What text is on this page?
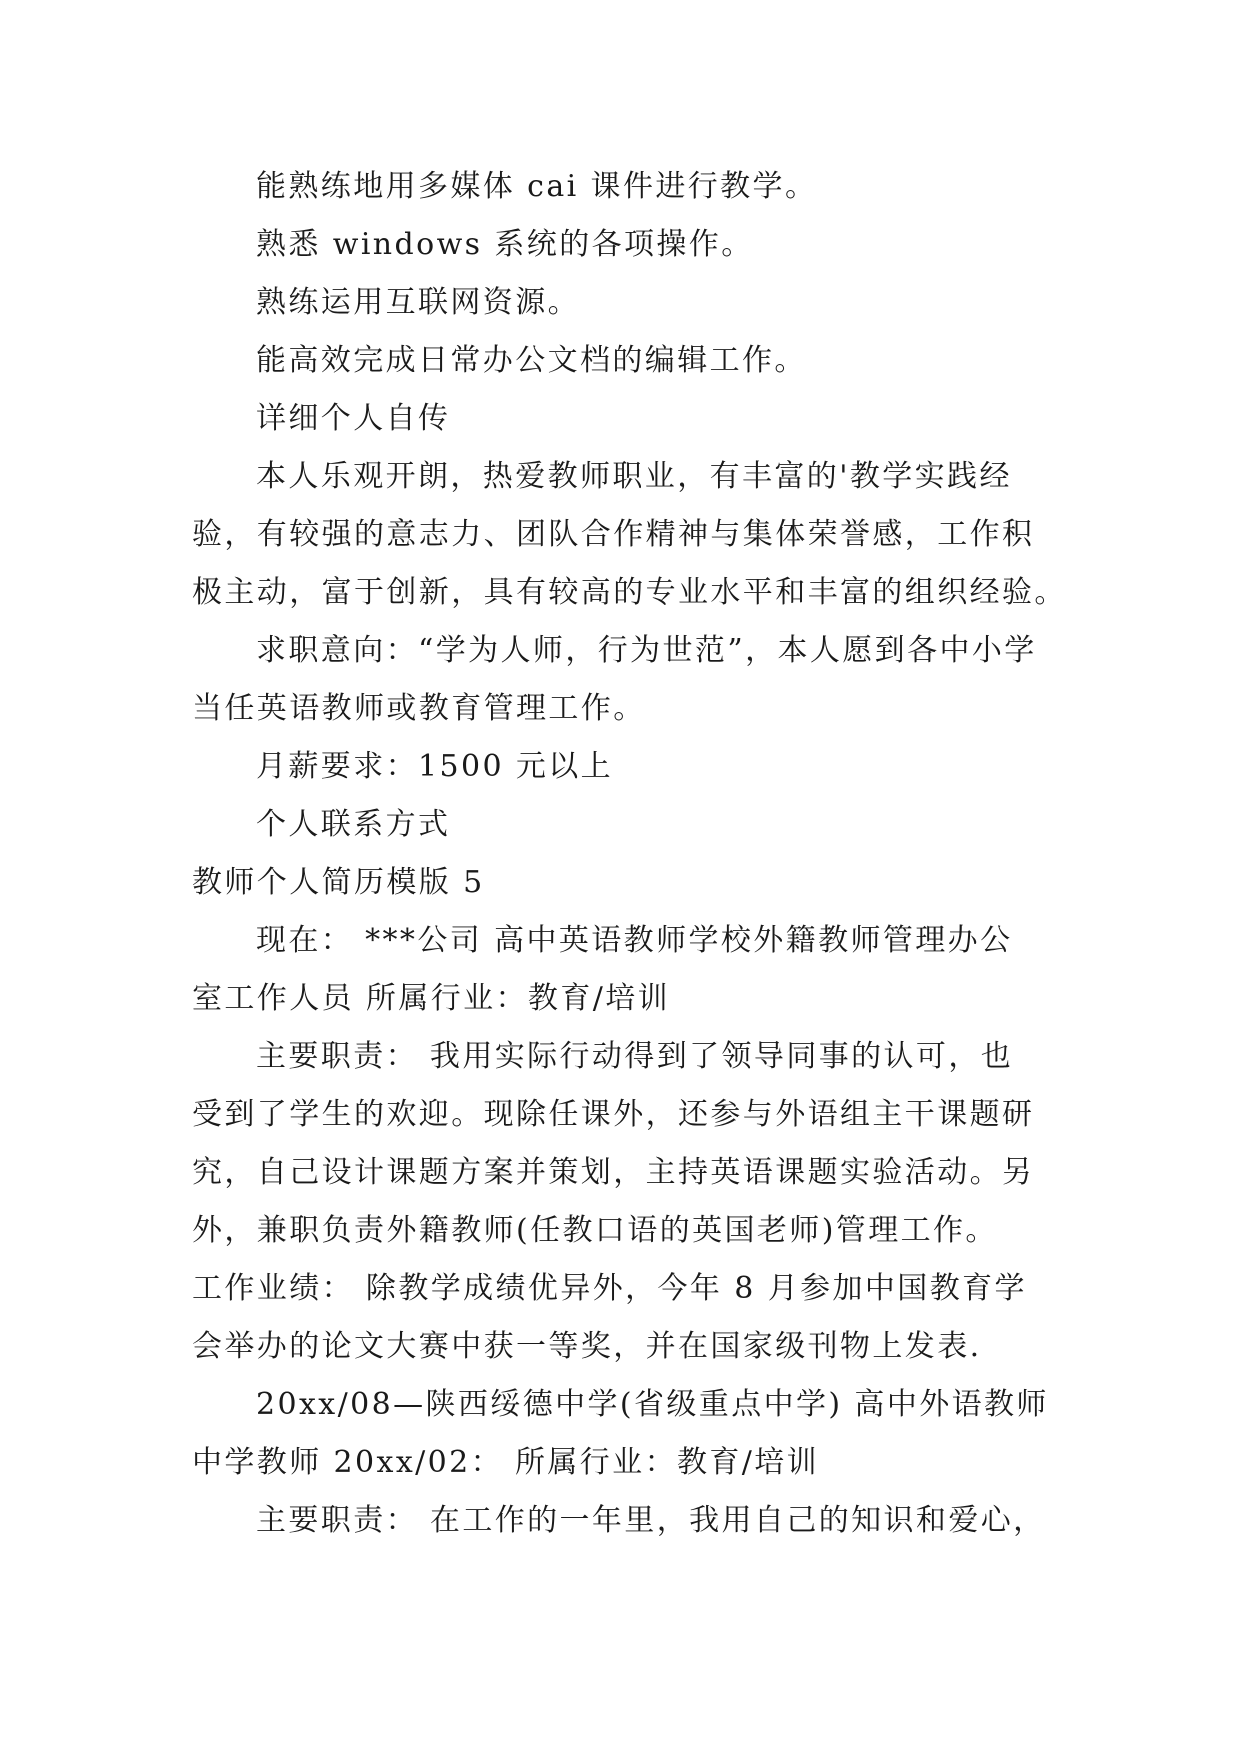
能熟练地用多媒体 cai 课件进行教学。
熟悉 windows 系统的各项操作。
熟练运用互联网资源。
能高效完成日常办公文档的编辑工作。
详细个人自传
本人乐观开朗，热爱教师职业，有丰富的'教学实践经
验，有较强的意志力、团队合作精神与集体荣誉感，工作积
极主动，富于创新，具有较高的专业水平和丰富的组织经验。
求职意向：“学为人师，行为世范”，本人愿到各中小学
当任英语教师或教育管理工作。
月薪要求：1500 元以上
个人联系方式
教师个人简历模版 5
现在： ***公司 高中英语教师学校外籍教师管理办公
室工作人员 所属行业：教育/培训
主要职责： 我用实际行动得到了领导同事的认可，也
受到了学生的欢迎。现除任课外，还参与外语组主干课题研
究，自己设计课题方案并策划，主持英语课题实验活动。另
外，兼职负责外籍教师(任教口语的英国老师)管理工作。
工作业绩： 除教学成绩优异外，今年 8 月参加中国教育学
会举办的论文大赛中获一等奖，并在国家级刊物上发表.
20xx/08—陕西绥德中学(省级重点中学) 高中外语教师
中学教师 20xx/02： 所属行业：教育/培训
主要职责： 在工作的一年里，我用自己的知识和爱心，
